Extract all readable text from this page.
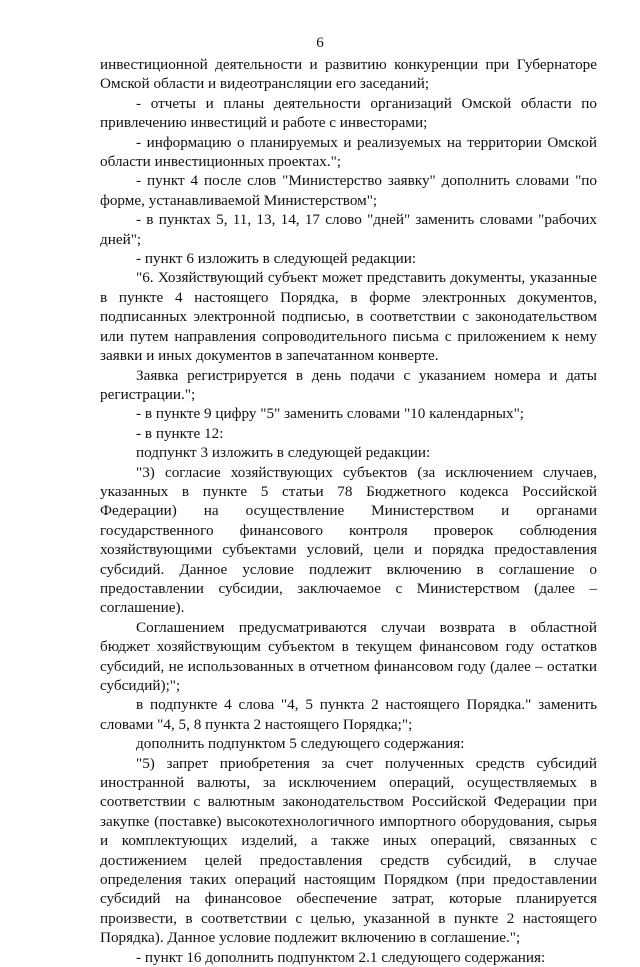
6

инвестиционной деятельности и развитию конкуренции при Губернаторе Омской области и видеотрансляции его заседаний;

- отчеты и планы деятельности организаций Омской области по привлечению инвестиций и работе с инвесторами;

- информацию о планируемых и реализуемых на территории Омской области инвестиционных проектах.";

- пункт 4 после слов "Министерство заявку" дополнить словами "по форме, устанавливаемой Министерством";

- в пунктах 5, 11, 13, 14, 17 слово "дней" заменить словами "рабочих дней";

- пункт 6 изложить в следующей редакции:

"6. Хозяйствующий субъект может представить документы, указанные в пункте 4 настоящего Порядка, в форме электронных документов, подписанных электронной подписью, в соответствии с законодательством или путем направления сопроводительного письма с приложением к нему заявки и иных документов в запечатанном конверте.

Заявка регистрируется в день подачи с указанием номера и даты регистрации.";

- в пункте 9 цифру "5" заменить словами "10 календарных";

- в пункте 12:

подпункт 3 изложить в следующей редакции:

"3) согласие хозяйствующих субъектов (за исключением случаев, указанных в пункте 5 статьи 78 Бюджетного кодекса Российской Федерации) на осуществление Министерством и органами государственного финансового контроля проверок соблюдения хозяйствующими субъектами условий, цели и порядка предоставления субсидий. Данное условие подлежит включению в соглашение о предоставлении субсидии, заключаемое с Министерством (далее – соглашение).

Соглашением предусматриваются случаи возврата в областной бюджет хозяйствующим субъектом в текущем финансовом году остатков субсидий, не использованных в отчетном финансовом году (далее – остатки субсидий);";

в подпункте 4 слова "4, 5 пункта 2 настоящего Порядка." заменить словами "4, 5, 8 пункта 2 настоящего Порядка;";

дополнить подпунктом 5 следующего содержания:

"5) запрет приобретения за счет полученных средств субсидий иностранной валюты, за исключением операций, осуществляемых в соответствии с валютным законодательством Российской Федерации при закупке (поставке) высокотехнологичного импортного оборудования, сырья и комплектующих изделий, а также иных операций, связанных с достижением целей предоставления средств субсидий, в случае определения таких операций настоящим Порядком (при предоставлении субсидий на финансовое обеспечение затрат, которые планируется произвести, в соответствии с целью, указанной в пункте 2 настоящего Порядка). Данное условие подлежит включению в соглашение.";

- пункт 16 дополнить подпунктом 2.1 следующего содержания:
